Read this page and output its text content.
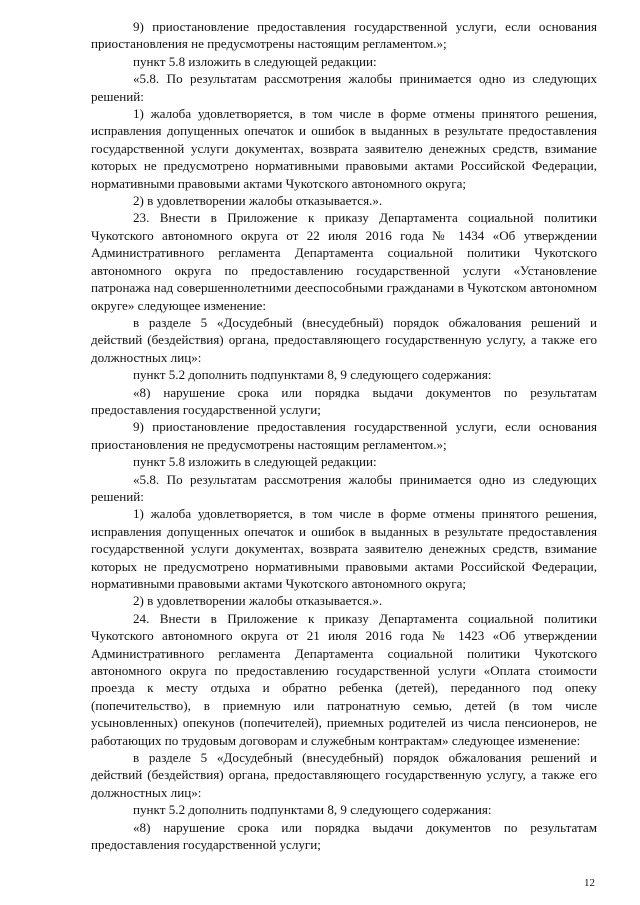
9) приостановление предоставления государственной услуги, если основания приостановления не предусмотрены настоящим регламентом.»;

пункт 5.8 изложить в следующей редакции:

«5.8. По результатам рассмотрения жалобы принимается одно из следующих решений:

1) жалоба удовлетворяется, в том числе в форме отмены принятого решения, исправления допущенных опечаток и ошибок в выданных в результате предоставления государственной услуги документах, возврата заявителю денежных средств, взимание которых не предусмотрено нормативными правовыми актами Российской Федерации, нормативными правовыми актами Чукотского автономного округа;

2) в удовлетворении жалобы отказывается.».

23. Внести в Приложение к приказу Департамента социальной политики Чукотского автономного округа от 22 июля 2016 года № 1434 «Об утверждении Административного регламента Департамента социальной политики Чукотского автономного округа по предоставлению государственной услуги «Установление патронажа над совершеннолетними дееспособными гражданами в Чукотском автономном округе» следующее изменение:

в разделе 5 «Досудебный (внесудебный) порядок обжалования решений и действий (бездействия) органа, предоставляющего государственную услугу, а также его должностных лиц»:

пункт 5.2 дополнить подпунктами 8, 9 следующего содержания:

«8) нарушение срока или порядка выдачи документов по результатам предоставления государственной услуги;

9) приостановление предоставления государственной услуги, если основания приостановления не предусмотрены настоящим регламентом.»;

пункт 5.8 изложить в следующей редакции:

«5.8. По результатам рассмотрения жалобы принимается одно из следующих решений:

1) жалоба удовлетворяется, в том числе в форме отмены принятого решения, исправления допущенных опечаток и ошибок в выданных в результате предоставления государственной услуги документах, возврата заявителю денежных средств, взимание которых не предусмотрено нормативными правовыми актами Российской Федерации, нормативными правовыми актами Чукотского автономного округа;

2) в удовлетворении жалобы отказывается.».

24. Внести в Приложение к приказу Департамента социальной политики Чукотского автономного округа от 21 июля 2016 года № 1423 «Об утверждении Административного регламента Департамента социальной политики Чукотского автономного округа по предоставлению государственной услуги «Оплата стоимости проезда к месту отдыха и обратно ребенка (детей), переданного под опеку (попечительство), в приемную или патронатную семью, детей (в том числе усыновленных) опекунов (попечителей), приемных родителей из числа пенсионеров, не работающих по трудовым договорам и служебным контрактам» следующее изменение:

в разделе 5 «Досудебный (внесудебный) порядок обжалования решений и действий (бездействия) органа, предоставляющего государственную услугу, а также его должностных лиц»:

пункт 5.2 дополнить подпунктами 8, 9 следующего содержания:

«8) нарушение срока или порядка выдачи документов по результатам предоставления государственной услуги;

12
